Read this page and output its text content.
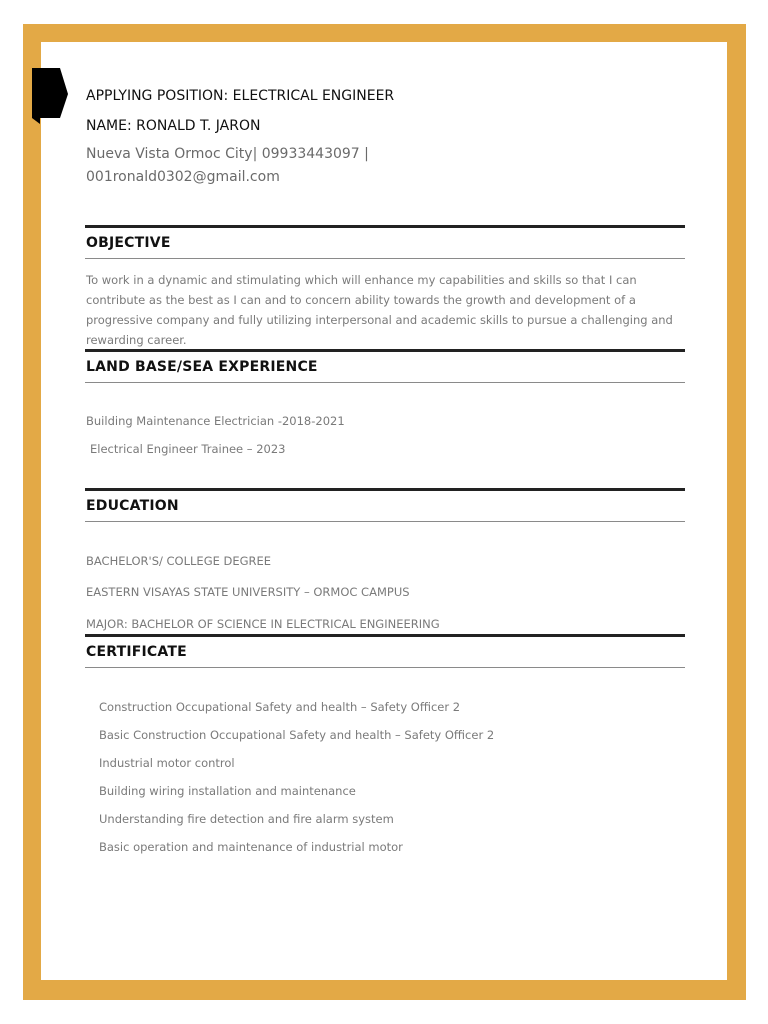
APPLYING POSITION: ELECTRICAL ENGINEER
NAME: RONALD T. JARON
Nueva Vista Ormoc City| 09933443097 |
001ronald0302@gmail.com
OBJECTIVE
To work in a dynamic and stimulating which will enhance my capabilities and skills so that I can contribute as the best as I can and to concern ability towards the growth and development of a progressive company and fully utilizing interpersonal and academic skills to pursue a challenging and rewarding career.
LAND BASE/SEA EXPERIENCE
Building Maintenance Electrician -2018-2021
Electrical Engineer Trainee – 2023
EDUCATION
BACHELOR'S/ COLLEGE DEGREE
EASTERN VISAYAS STATE UNIVERSITY – ORMOC CAMPUS
MAJOR: BACHELOR OF SCIENCE IN ELECTRICAL ENGINEERING
CERTIFICATE
Construction Occupational Safety and health – Safety Officer 2
Basic Construction Occupational Safety and health – Safety Officer 2
Industrial motor control
Building wiring installation and maintenance
Understanding fire detection and fire alarm system
Basic operation and maintenance of industrial motor
